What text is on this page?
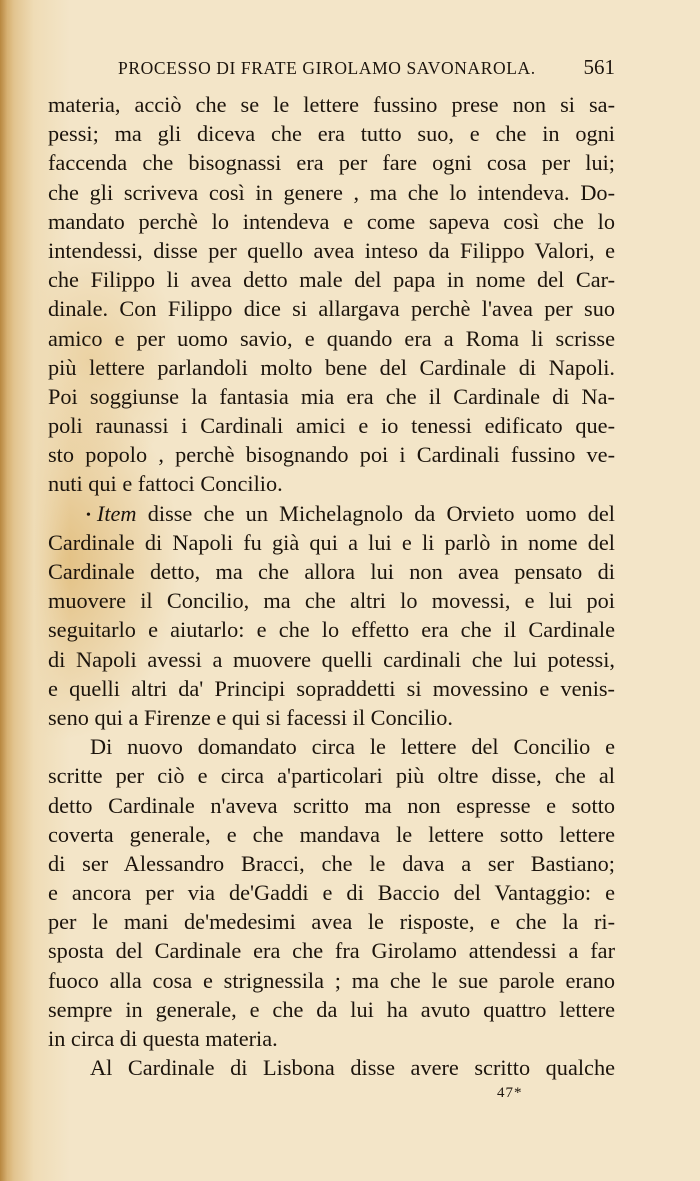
PROCESSO DI FRATE GIROLAMO SAVONAROLA. 561
materia, acciò che se le lettere fussino prese non si sa-
pessi; ma gli diceva che era tutto suo, e che in ogni
faccenda che bisognassi era per fare ogni cosa per lui;
che gli scriveva così in genere , ma che lo intendeva. Do-
mandato perchè lo intendeva e come sapeva così che lo
intendessi, disse per quello avea inteso da Filippo Valori, e
che Filippo li avea detto male del papa in nome del Car-
dinale. Con Filippo dice si allargava perchè l'avea per suo
amico e per uomo savio, e quando era a Roma li scrisse
più lettere parlandoli molto bene del Cardinale di Napoli.
Poi soggiunse la fantasia mia era che il Cardinale di Na-
poli raunassi i Cardinali amici e io tenessi edificato que-
sto popolo , perchè bisognando poi i Cardinali fussino ve-
nuti qui e fattoci Concilio.
• Item disse che un Michelagnolo da Orvieto uomo del
Cardinale di Napoli fu già qui a lui e li parlò in nome del
Cardinale detto, ma che allora lui non avea pensato di
muovere il Concilio, ma che altri lo movessi, e lui poi
seguitarlo e aiutarlo: e che lo effetto era che il Cardinale
di Napoli avessi a muovere quelli cardinali che lui potessi,
e quelli altri da' Principi sopraddetti si movessino e venis-
seno qui a Firenze e qui si facessi il Concilio.
Di nuovo domandato circa le lettere del Concilio e
scritte per ciò e circa a'particolari più oltre disse, che al
detto Cardinale n'aveva scritto ma non espresse e sotto
coverta generale, e che mandava le lettere sotto lettere
di ser Alessandro Bracci, che le dava a ser Bastiano;
e ancora per via de'Gaddi e di Baccio del Vantaggio: e
per le mani de'medesimi avea le risposte, e che la ri-
sposta del Cardinale era che fra Girolamo attendessi a far
fuoco alla cosa e strignessila ; ma che le sue parole erano
sempre in generale, e che da lui ha avuto quattro lettere
in circa di questa materia.
Al Cardinale di Lisbona disse avere scritto qualche
47*
